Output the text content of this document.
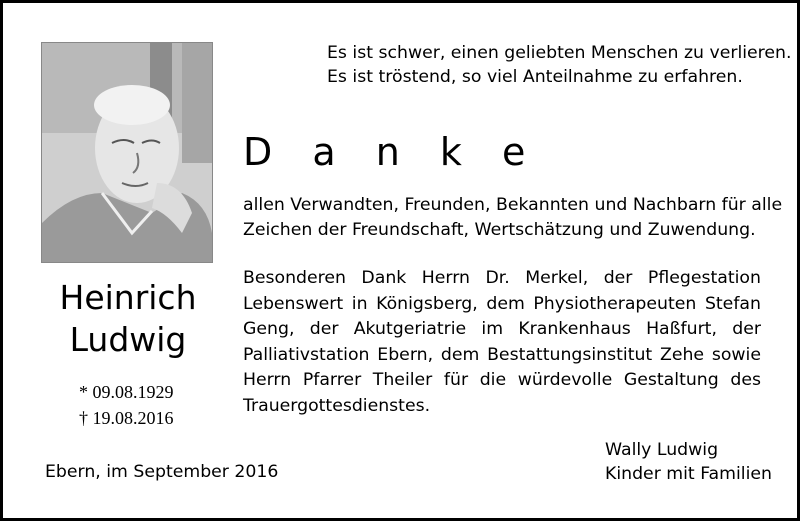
Heinrich
Ludwig
* 09.08.1929
† 19.08.2016
Es ist schwer, einen geliebten Menschen zu verlieren.
Es ist tröstend, so viel Anteilnahme zu erfahren.
D a n k e
allen Verwandten, Freunden, Bekannten und Nachbarn für alle
Zeichen der Freundschaft, Wertschätzung und Zuwendung.
Besonderen Dank Herrn Dr. Merkel, der Pflegestation
Lebenswert in Königsberg, dem Physiotherapeuten Stefan
Geng, der Akutgeriatrie im Krankenhaus Haßfurt, der
Palliativstation Ebern, dem Bestattungsinstitut Zehe sowie
Herrn Pfarrer Theiler für die würdevolle Gestaltung des
Trauergottesdienstes.
Ebern, im September 2016
Wally Ludwig
Kinder mit Familien
